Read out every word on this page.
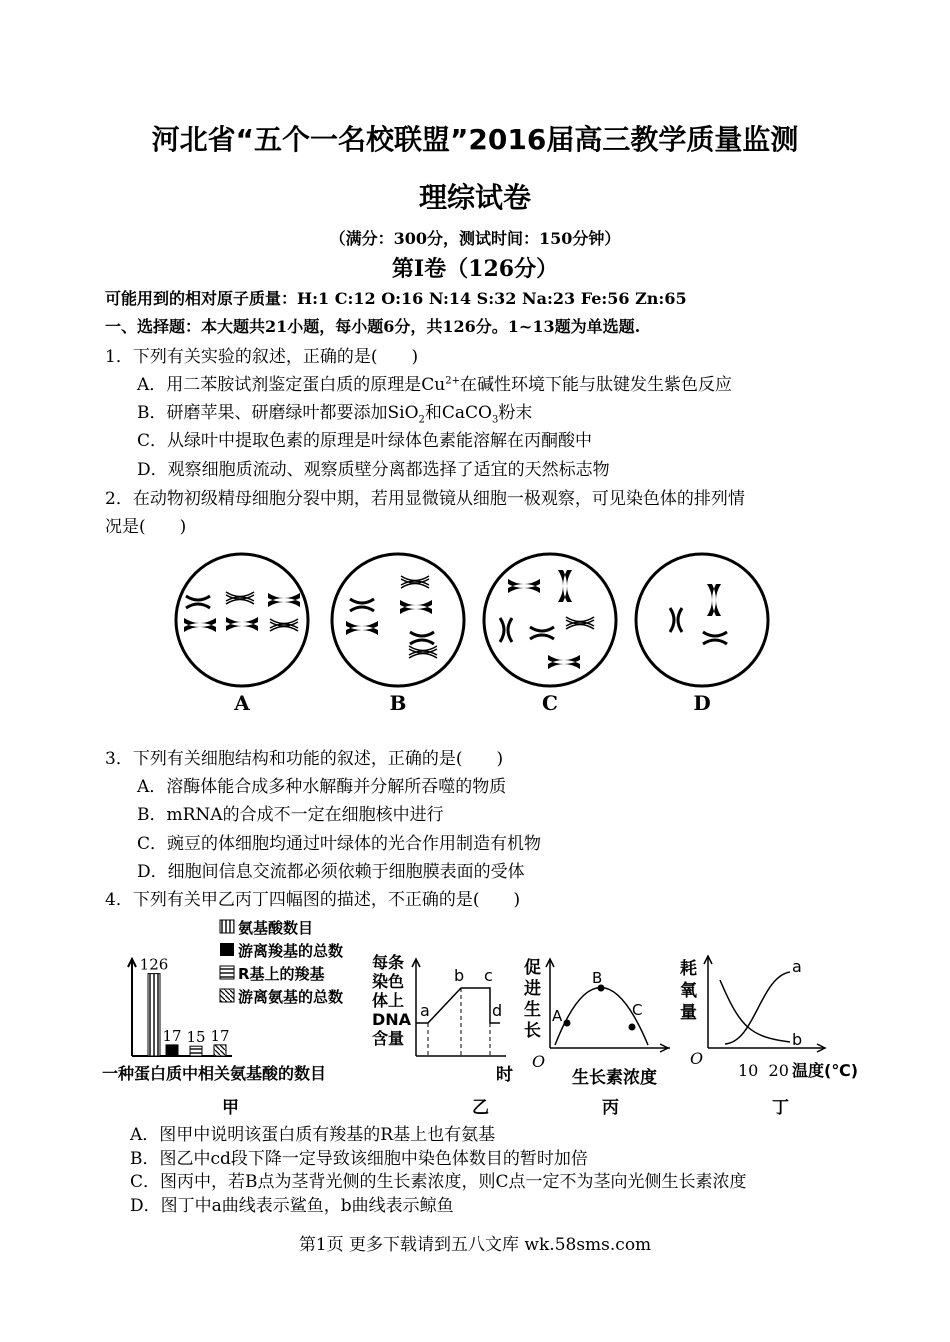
河北省“五个一名校联盟”2016届高三教学质量监测
理综试卷
（满分：300分，测试时间：150分钟）
第Ⅰ卷（126分）
可能用到的相对原子质量：H:1 C:12 O:16 N:14 S:32 Na:23 Fe:56 Zn:65
一、选择题：本大题共21小题，每小题6分，共126分。1~13题为单选题.
1．下列有关实验的叙述，正确的是(　　)
A．用二苯胺试剂鉴定蛋白质的原理是$Cu^{2+}$在碱性环境下能与肽键发生紫色反应
B．研磨苹果、研磨绿叶都要添加SiO$_2$和CaCO$_3$粉末
C．从绿叶中提取色素的原理是叶绿体色素能溶解在丙酮酸中
D．观察细胞质流动、观察质壁分离都选择了适宜的天然标志物
2．在动物初级精母细胞分裂中期，若用显微镜从细胞一极观察，可见染色体的排列情
况是(　　)
A	B	C	D
3．下列有关细胞结构和功能的叙述，正确的是(　　)
A．溶酶体能合成多种水解酶并分解所吞噬的物质
B．mRNA的合成不一定在细胞核中进行
C．豌豆的体细胞均通过叶绿体的光合作用制造有机物
D．细胞间信息交流都必须依赖于细胞膜表面的受体
4．下列有关甲乙丙丁四幅图的描述，不正确的是(　　)
氨基酸数目
游离羧基的总数
R基上的羧基
游离氨基的总数
126
17 15 17
一种蛋白质中相关氨基酸的数目
甲
每条 染色 体上 DNA 含量
a
b c
d
时
乙
促 进 生 长
A
B
C
O
生长素浓度
丙
耗 氧 量
a
b
O
10  20 温度(℃)
丁
A．图甲中说明该蛋白质有羧基的R基上也有氨基
B．图乙中cd段下降一定导致该细胞中染色体数目的暂时加倍
C．图丙中，若B点为茎背光侧的生长素浓度，则C点一定不为茎向光侧生长素浓度
D．图丁中a曲线表示鲨鱼，b曲线表示鲸鱼
第1页 更多下载请到五八文库 wk.58sms.com
